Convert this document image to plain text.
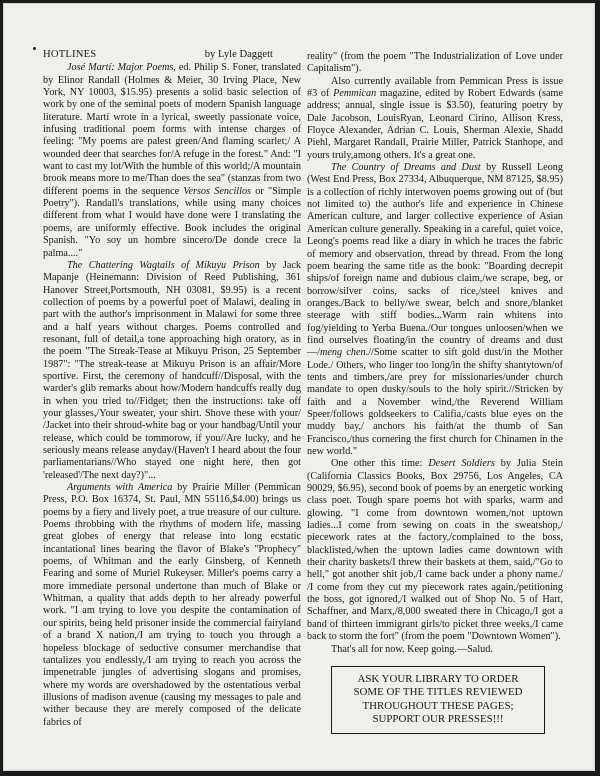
HOTLINES	by Lyle Daggett

José Martí: Major Poems, ed. Philip S. Foner, translated by Elinor Randall (Holmes & Meier, 30 Irving Place, New York, NY 10003, $15.95) presents a solid basic selection of work by one of the seminal poets of modern Spanish language literature. Martí wrote in a lyrical, sweetly passionate voice, infusing traditional poem forms with intense charges of feeling: "My poems are palest green/And flaming scarlet;/ A wounded deer that searches for/A refuge in the forest." And: "I want to cast my lot/With the humble of this world;/A mountain brook means more to me/Than does the sea" (stanzas from two different poems in the sequence Versos Sencillos or "Simple Poetry"). Randall's translations, while using many choices different from what I would have done were I translating the poems, are uniformly effective. Book includes the original Spanish. "Yo soy un hombre sincero/De donde crece la palma...."

The Chattering Wagtails of Mikuyu Prison by Jack Mapanje (Heinemann: Division of Reed Publishing, 361 Hanover Street,Portsmouth, NH 03081, $9.95) is a recent collection of poems by a powerful poet of Malawi, dealing in part with the author's imprisonment in Malawi for some three and a half years without charges. Poems controlled and resonant, full of detail,a tone approaching high oratory, as in the poem "The Streak-Tease at Mikuyu Prison, 25 September 1987": "The streak-tease at Mikuyu Prison is an affair/More sportive. First, the ceremony of handcuff//Disposal, with the warder's glib remarks about how/Modern handcuffs really dug in when you tried to//Fidget; then the instructions: take off your glasses,/Your sweater, your shirt. Shove these with your/ /Jacket into their shroud-white bag or your handbag/Until your release, which could be tommorow, if you//Are lucky, and he seriously means release anyday/(Haven't I heard about the four parliamentarians//Who stayed one night here, then got 'released'/The next day?)"...

Arguments with America by Prairie Miller (Pemmican Press, P.O. Box 16374, St. Paul, MN 55116,$4.00) brings us poems by a fiery and lively poet, a true treasure of our culture. Poems throbbing with the rhythms of modern life, massing great globes of energy that release into long ecstatic incantational lines bearing the flavor of Blake's "Prophecy" poems, of Whitman and the early Ginsberg, of Kenneth Fearing and some of Muriel Rukeyser. Miller's poems carry a more immediate personal undertone than much of Blake or Whitman, a quality that adds depth to her already powerful work. "I am trying to love you despite the contamination of our spirits, being held prisoner inside the commercial fairyland of a brand X nation,/I am trying to touch you through a hopeless blockage of seductive consumer merchandise that tantalizes you endlessly,/I am trying to reach you across the impenetrable jungles of advertising slogans and promises, where my words are overshadowed by the ostentatious verbal illusions of madison avenue (causing my messages to pale and wither because they are merely composed of the delicate fabrics of

reality" (from the poem "The Industrialization of Love under Capitalism").

Also currently available from Pemmican Press is issue #3 of Pemmican magazine, edited by Robert Edwards (same address; annual, single issue is $3.50), featuring poetry by Dale Jacobson, LouisRyan, Leonard Cirino, Allison Kress, Floyce Alexander, Adrian C. Louis, Sherman Alexie, Shadd Piehl, Margaret Randall, Prairie Miller, Patrick Stanhope, and yours truly,among others. It's a great one.

The Country of Dreams and Dust by Russell Leong (West End Press, Box 27334, Albuquerque, NM 87125, $8.95) is a collection of richly interwoven poems growing out of (but not limited to) the author's life and experience in Chinese American culture, and larger collective experience of Asian American culture generally. Speaking in a careful, quiet voice, Leong's poems read like a diary in which he traces the fabric of memory and observation, thread by thread. From the long poem bearing the same title as the book: "Boarding decrepit ships/of foreign name and dubious claim,/we scrape, beg, or borrow/silver coins, sacks of rice,/steel knives and oranges./Back to belly/we swear, belch and snore,/blanket steerage with stiff bodies...Warm rain whitens into fog/yielding to Yerba Buena./Our tongues unloosen/when we find ourselves floating/in the country of dreams and dust—/meng chen.//Some scatter to sift gold dust/in the Mother Lode./ Others, who linger too long/in the shifty shantytown/of tents and timbers,/are prey for missionaries/under church mandate to open dusky/souls to the holy spirit.//Stricken by faith and a November wind,/the Reverend William Speer/follows goldseekers to Califia,/casts blue eyes on the muddy bay,/ anchors his faith/at the thumb of San Francisco,/thus cornering the first church for Chinamen in the new world."

One other this time: Desert Soldiers by Julia Stein (California Classics Books, Box 29756, Los Angeles, CA 90029, $6.95), second book of poems by an energetic working class poet. Tough spare poems hot with sparks, warm and glowing. "I come from downtown women,/not uptown ladies...I come from sewing on coats in the sweatshop,/ piecework rates at the factory,/complained to the boss, blacklisted,/when the uptown ladies came downtown with their charity baskets/I threw their baskets at them, said,/"Go to hell," got another shit job,/I came back under a phony name./ /I come from they cut my piecework rates again,/petitioning the boss, got ignored,/I walked out of Shop No. 5 of Hart, Schaffner, and Marx,/8,000 sweated there in Chicago,/I got a band of thirteen immigrant girls/to picket three weeks,/I came back to storm the fort" (from the poem "Downtown Women").

That's all for now. Keep going.—Salud.

ASK YOUR LIBRARY TO ORDER
SOME OF THE TITLES REVIEWED
THROUGHOUT THESE PAGES;
SUPPORT OUR PRESSES!!!
